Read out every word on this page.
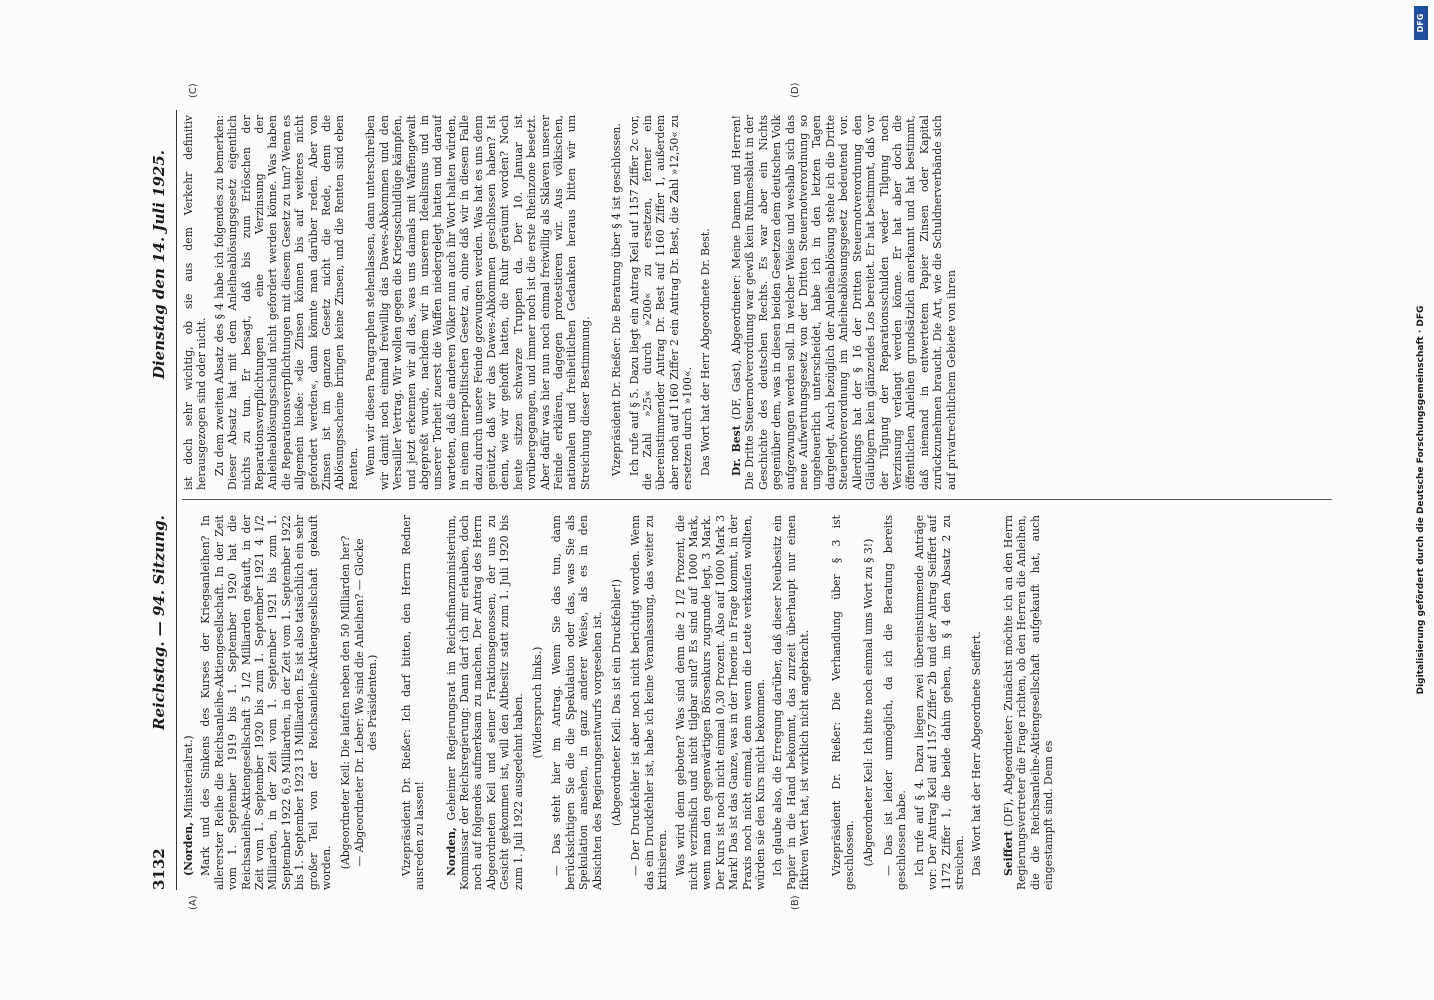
3132
Reichstag. — 94. Sitzung.
Dienstag den 14. Juli 1925.
(A)	(B)
(C)	(D)

(Norden, Ministerialrat.) Mark und des Sinkens des Kurses der Kriegsanleihen? In allererster Reihe die Reichsanleihe-Aktiengesellschaft. In der Zeit vom 1. September 1919 bis 1. September 1920 hat die Reichsanleihe-Aktiengesellschaft 5 1/2 Milliarden gekauft, in der Zeit vom 1. September 1920 bis zum 1. September 1921 4 1/2 Milliarden, in der Zeit vom 1. September 1921 bis zum 1. September 1922 6,9 Milliarden, in der Zeit vom 1. September 1922 bis 1. September 1923 13 Milliarden. Es ist also tatsächlich ein sehr großer Teil von der Reichsanleihe-Aktiengesellschaft gekauft worden. (Abgeordneter Keil: Die laufen neben den 50 Milliarden her? — Abgeordneter Dr. Leber: Wo sind die Anleihen? — Glocke des Präsidenten.) Vizepräsident Dr. Rießer: Ich darf bitten, den Herrn Redner ausreden zu lassen! Norden, Geheimer Regierungsrat im Reichsfinanzministerium, Kommissar der Reichsregierung: Dann darf ich mir erlauben, doch noch auf folgendes aufmerksam zu machen. Der Antrag des Herrn Abgeordneten Keil und seiner Fraktionsgenossen, der uns zu Gesicht gekommen ist, will den Altbesitz statt zum 1. Juli 1920 bis zum 1. Juli 1922 ausgedehnt haben. (Widerspruch links.) — Das steht hier im Antrag. Wenn Sie das tun, dann berücksichtigen Sie die die Spekulation oder das, was Sie als Spekulation ansehen, in ganz anderer Weise, als es in den Absichten des Regierungsentwurfs vorgesehen ist. (Abgeordneter Keil: Das ist ein Druckfehler!) — Der Druckfehler ist aber noch nicht berichtigt worden. Wenn das ein Druckfehler ist, habe ich keine Veranlassung, das weiter zu kritisieren. Was wird denn geboten? Was sind denn die 2 1/2 Prozent, die nicht verzinslich und nicht tilgbar sind? Es sind auf 1000 Mark, wenn man den gegenwärtigen Börsenkurs zugrunde legt, 3 Mark. Der Kurs ist noch nicht einmal 0,30 Prozent. Also auf 1000 Mark 3 Mark! Das ist das Ganze, was in der Theorie in Frage kommt, in der Praxis noch nicht einmal, denn wenn die Leute verkaufen wollten, würden sie den Kurs nicht bekommen. Ich glaube also, die Erregung darüber, daß dieser Neubesitz ein Papier in die Hand bekommt, das zurzeit überhaupt nur einen fiktiven Wert hat, ist wirklich nicht angebracht. Vizepräsident Dr. Rießer: Die Verhandlung über § 3 ist geschlossen. (Abgeordneter Keil: Ich bitte noch einmal ums Wort zu § 3!) — Das ist leider unmöglich, da ich die Beratung bereits geschlossen habe. Ich rufe auf § 4. Dazu liegen zwei übereinstimmende Anträge vor: Der Antrag Keil auf 1157 Ziffer 2b und der Antrag Seiffert auf 1172 Ziffer 1, die beide dahin gehen, im § 4 den Absatz 2 zu streichen. Das Wort hat der Herr Abgeordnete Seiffert. Seiffert (DF), Abgeordneter: Zunächst möchte ich an den Herrn Regierungsvertreter die Frage richten, ob den Herren die Anleihen, die die Reichsanleihe-Aktiengesellschaft aufgekauft hat, auch eingestampft sind. Denn es

ist doch sehr wichtig, ob sie aus dem Verkehr definitiv herausgezogen sind oder nicht. Zu dem zweiten Absatz des § 4 habe ich folgendes zu bemerken: Dieser Absatz hat mit dem Anleiheablösungsgesetz eigentlich nichts zu tun. Er besagt, daß bis zum Erlöschen der Reparationsverpflichtungen eine Verzinsung der Anleiheablösungsschuld nicht gefordert werden könne. Was haben die Reparationsverpflichtungen mit diesem Gesetz zu tun? Wenn es allgemein hieße: »die Zinsen können bis auf weiteres nicht gefordert werden«, dann könnte man darüber reden. Aber von Zinsen ist im ganzen Gesetz nicht die Rede, denn die Ablösungsscheine bringen keine Zinsen, und die Renten sind eben Renten. Wenn wir diesen Paragraphen stehenlassen, dann unterschreiben wir damit noch einmal freiwillig das Dawes-Abkommen und den Versailler Vertrag. Wir wollen gegen die Kriegsschuldlüge kämpfen, und jetzt erkennen wir all das, was uns damals mit Waffengewalt abgepreßt wurde, nachdem wir in unserem Idealismus und in unserer Torheit zuerst die Waffen niedergelegt hatten und darauf warteten, daß die anderen Völker nun auch ihr Wort halten würden, in einem innerpolitischen Gesetz an, ohne daß wir in diesem Falle dazu durch unsere Feinde gezwungen werden. Was hat es uns denn genützt, daß wir das Dawes-Abkommen geschlossen haben? Ist denn, wie wir gehofft hatten, die Ruhr geräumt worden? Noch heute sitzen schwarze Truppen da. Der 10. Januar ist vorübergegangen, und immer noch ist die erste Rheinzone besetzt. Aber dafür was hier nun noch einmal freiwillig als Sklaven unserer Feinde erklären, dagegen protestieren wir. Aus völkischen, nationalen und freiheitlichen Gedanken heraus bitten wir um Streichung dieser Bestimmung. Vizepräsident Dr. Rießer: Die Beratung über § 4 ist geschlossen. Ich rufe auf § 5. Dazu liegt ein Antrag Keil auf 1157 Ziffer 2c vor, die Zahl »25« durch »200« zu ersetzen, ferner ein übereinstimmender Antrag Dr. Best auf 1160 Ziffer 1, außerdem aber noch auf 1160 Ziffer 2 ein Antrag Dr. Best, die Zahl »12,50« zu ersetzen durch »100«. Das Wort hat der Herr Abgeordnete Dr. Best. Dr. Best (DF, Gast), Abgeordneter: Meine Damen und Herren! Die Dritte Steuernotverordnung war gewiß kein Ruhmesblatt in der Geschichte des deutschen Rechts. Es war aber ein Nichts gegenüber dem, was in diesen beiden Gesetzen dem deutschen Volk aufgezwungen werden soll. In welcher Weise und weshalb sich das neue Aufwertungsgesetz von der Dritten Steuernotverordnung so ungeheuerlich unterscheidet, habe ich in den letzten Tagen dargelegt. Auch bezüglich der Anleiheablösung stehe ich die Dritte Steuernotverordnung im Anleiheablösungsgesetz bedeutend vor. Allerdings hat der § 16 der Dritten Steuernotverordnung den Gläubigern kein glänzendes Los bereitet. Er hat bestimmt, daß vor der Tilgung der Reparationsschulden weder Tilgung noch Verzinsung verlangt werden könne. Er hat aber doch die öffentlichen Anleihen grundsätzlich anerkannt und hat bestimmt, daß niemand in entwertetem Papier Zinsen oder Kapital zurückzunehmen braucht. Die Art, wie die Schuldnerverbände sich auf privatrechtlichem Gebiete von ihren	Digitalisierung gefördert durch die Deutsche Forschungsgemeinschaft · DFG
DFG
